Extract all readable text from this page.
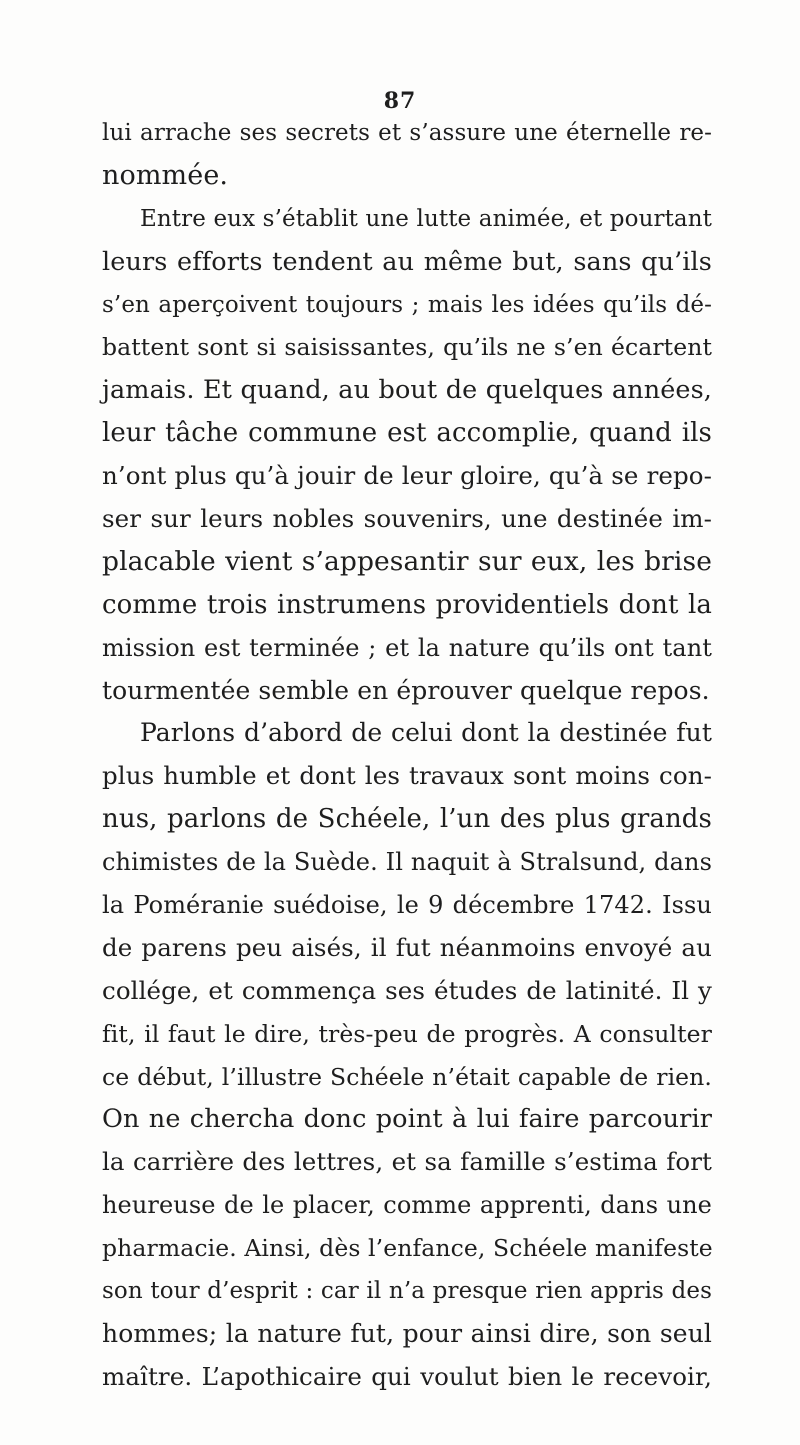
87
lui arrache ses secrets et s’assure une éternelle re-
nommée.
Entre eux s’établit une lutte animée, et pourtant
leurs efforts tendent au même but, sans qu’ils
s’en aperçoivent toujours ; mais les idées qu’ils dé-
battent sont si saisissantes, qu’ils ne s’en écartent
jamais. Et quand, au bout de quelques années,
leur tâche commune est accomplie, quand ils
n’ont plus qu’à jouir de leur gloire, qu’à se repo-
ser sur leurs nobles souvenirs, une destinée im-
placable vient s’appesantir sur eux, les brise
comme trois instrumens providentiels dont la
mission est terminée ; et la nature qu’ils ont tant
tourmentée semble en éprouver quelque repos.
Parlons d’abord de celui dont la destinée fut
plus humble et dont les travaux sont moins con-
nus, parlons de Schéele, l’un des plus grands
chimistes de la Suède. Il naquit à Stralsund, dans
la Poméranie suédoise, le 9 décembre 1742. Issu
de parens peu aisés, il fut néanmoins envoyé au
collége, et commença ses études de latinité. Il y
fit, il faut le dire, très-peu de progrès. A consulter
ce début, l’illustre Schéele n’était capable de rien.
On ne chercha donc point à lui faire parcourir
la carrière des lettres, et sa famille s’estima fort
heureuse de le placer, comme apprenti, dans une
pharmacie. Ainsi, dès l’enfance, Schéele manifeste
son tour d’esprit : car il n’a presque rien appris des
hommes; la nature fut, pour ainsi dire, son seul
maître. L’apothicaire qui voulut bien le recevoir,
